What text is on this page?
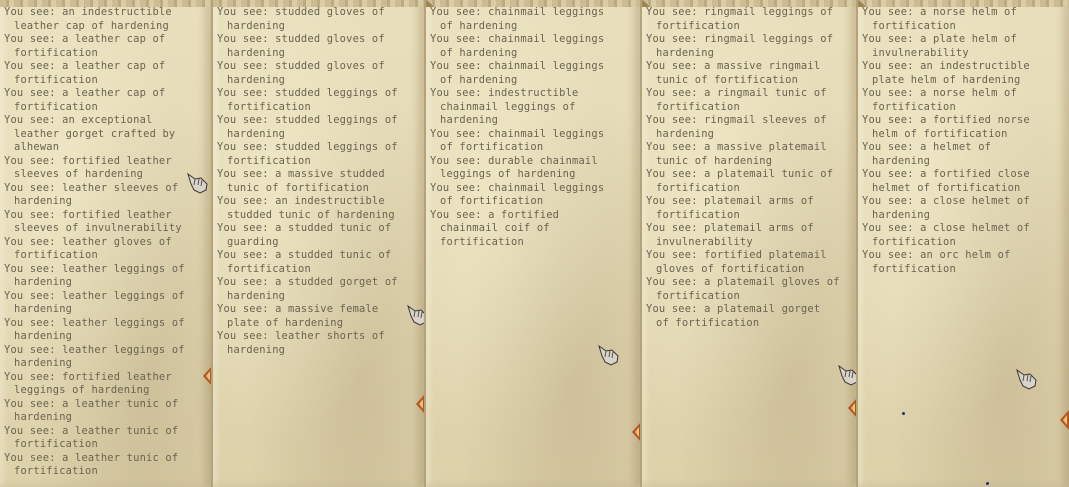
You see: an indestructible
leather cap of hardening
You see: a leather cap of
fortification
You see: a leather cap of
fortification
You see: a leather cap of
fortification
You see: an exceptional
leather gorget crafted by
alhewan
You see: fortified leather
sleeves of hardening
You see: leather sleeves of
hardening
You see: fortified leather
sleeves of invulnerability
You see: leather gloves of
fortification
You see: leather leggings of
hardening
You see: leather leggings of
hardening
You see: leather leggings of
hardening
You see: leather leggings of
hardening
You see: fortified leather
leggings of hardening
You see: a leather tunic of
hardening
You see: a leather tunic of
fortification
You see: a leather tunic of
fortification
You see: studded gloves of
hardening
You see: studded gloves of
hardening
You see: studded gloves of
hardening
You see: studded leggings of
fortification
You see: studded leggings of
hardening
You see: studded leggings of
fortification
You see: a massive studded
tunic of fortification
You see: an indestructible
studded tunic of hardening
You see: a studded tunic of
guarding
You see: a studded tunic of
fortification
You see: a studded gorget of
hardening
You see: a massive female
plate of hardening
You see: leather shorts of
hardening
You see: chainmail leggings
of hardening
You see: chainmail leggings
of hardening
You see: chainmail leggings
of hardening
You see: indestructible
chainmail leggings of
hardening
You see: chainmail leggings
of fortification
You see: durable chainmail
leggings of hardening
You see: chainmail leggings
of fortification
You see: a fortified
chainmail coif of
fortification
You see: ringmail leggings of
fortification
You see: ringmail leggings of
hardening
You see: a massive ringmail
tunic of fortification
You see: a ringmail tunic of
fortification
You see: ringmail sleeves of
hardening
You see: a massive platemail
tunic of hardening
You see: a platemail tunic of
fortification
You see: platemail arms of
fortification
You see: platemail arms of
invulnerability
You see: fortified platemail
gloves of fortification
You see: a platemail gloves of
fortification
You see: a platemail gorget
of fortification
You see: a norse helm of
fortification
You see: a plate helm of
invulnerability
You see: an indestructible
plate helm of hardening
You see: a norse helm of
fortification
You see: a fortified norse
helm of fortification
You see: a helmet of
hardening
You see: a fortified close
helmet of fortification
You see: a close helmet of
hardening
You see: a close helmet of
fortification
You see: an orc helm of
fortification
